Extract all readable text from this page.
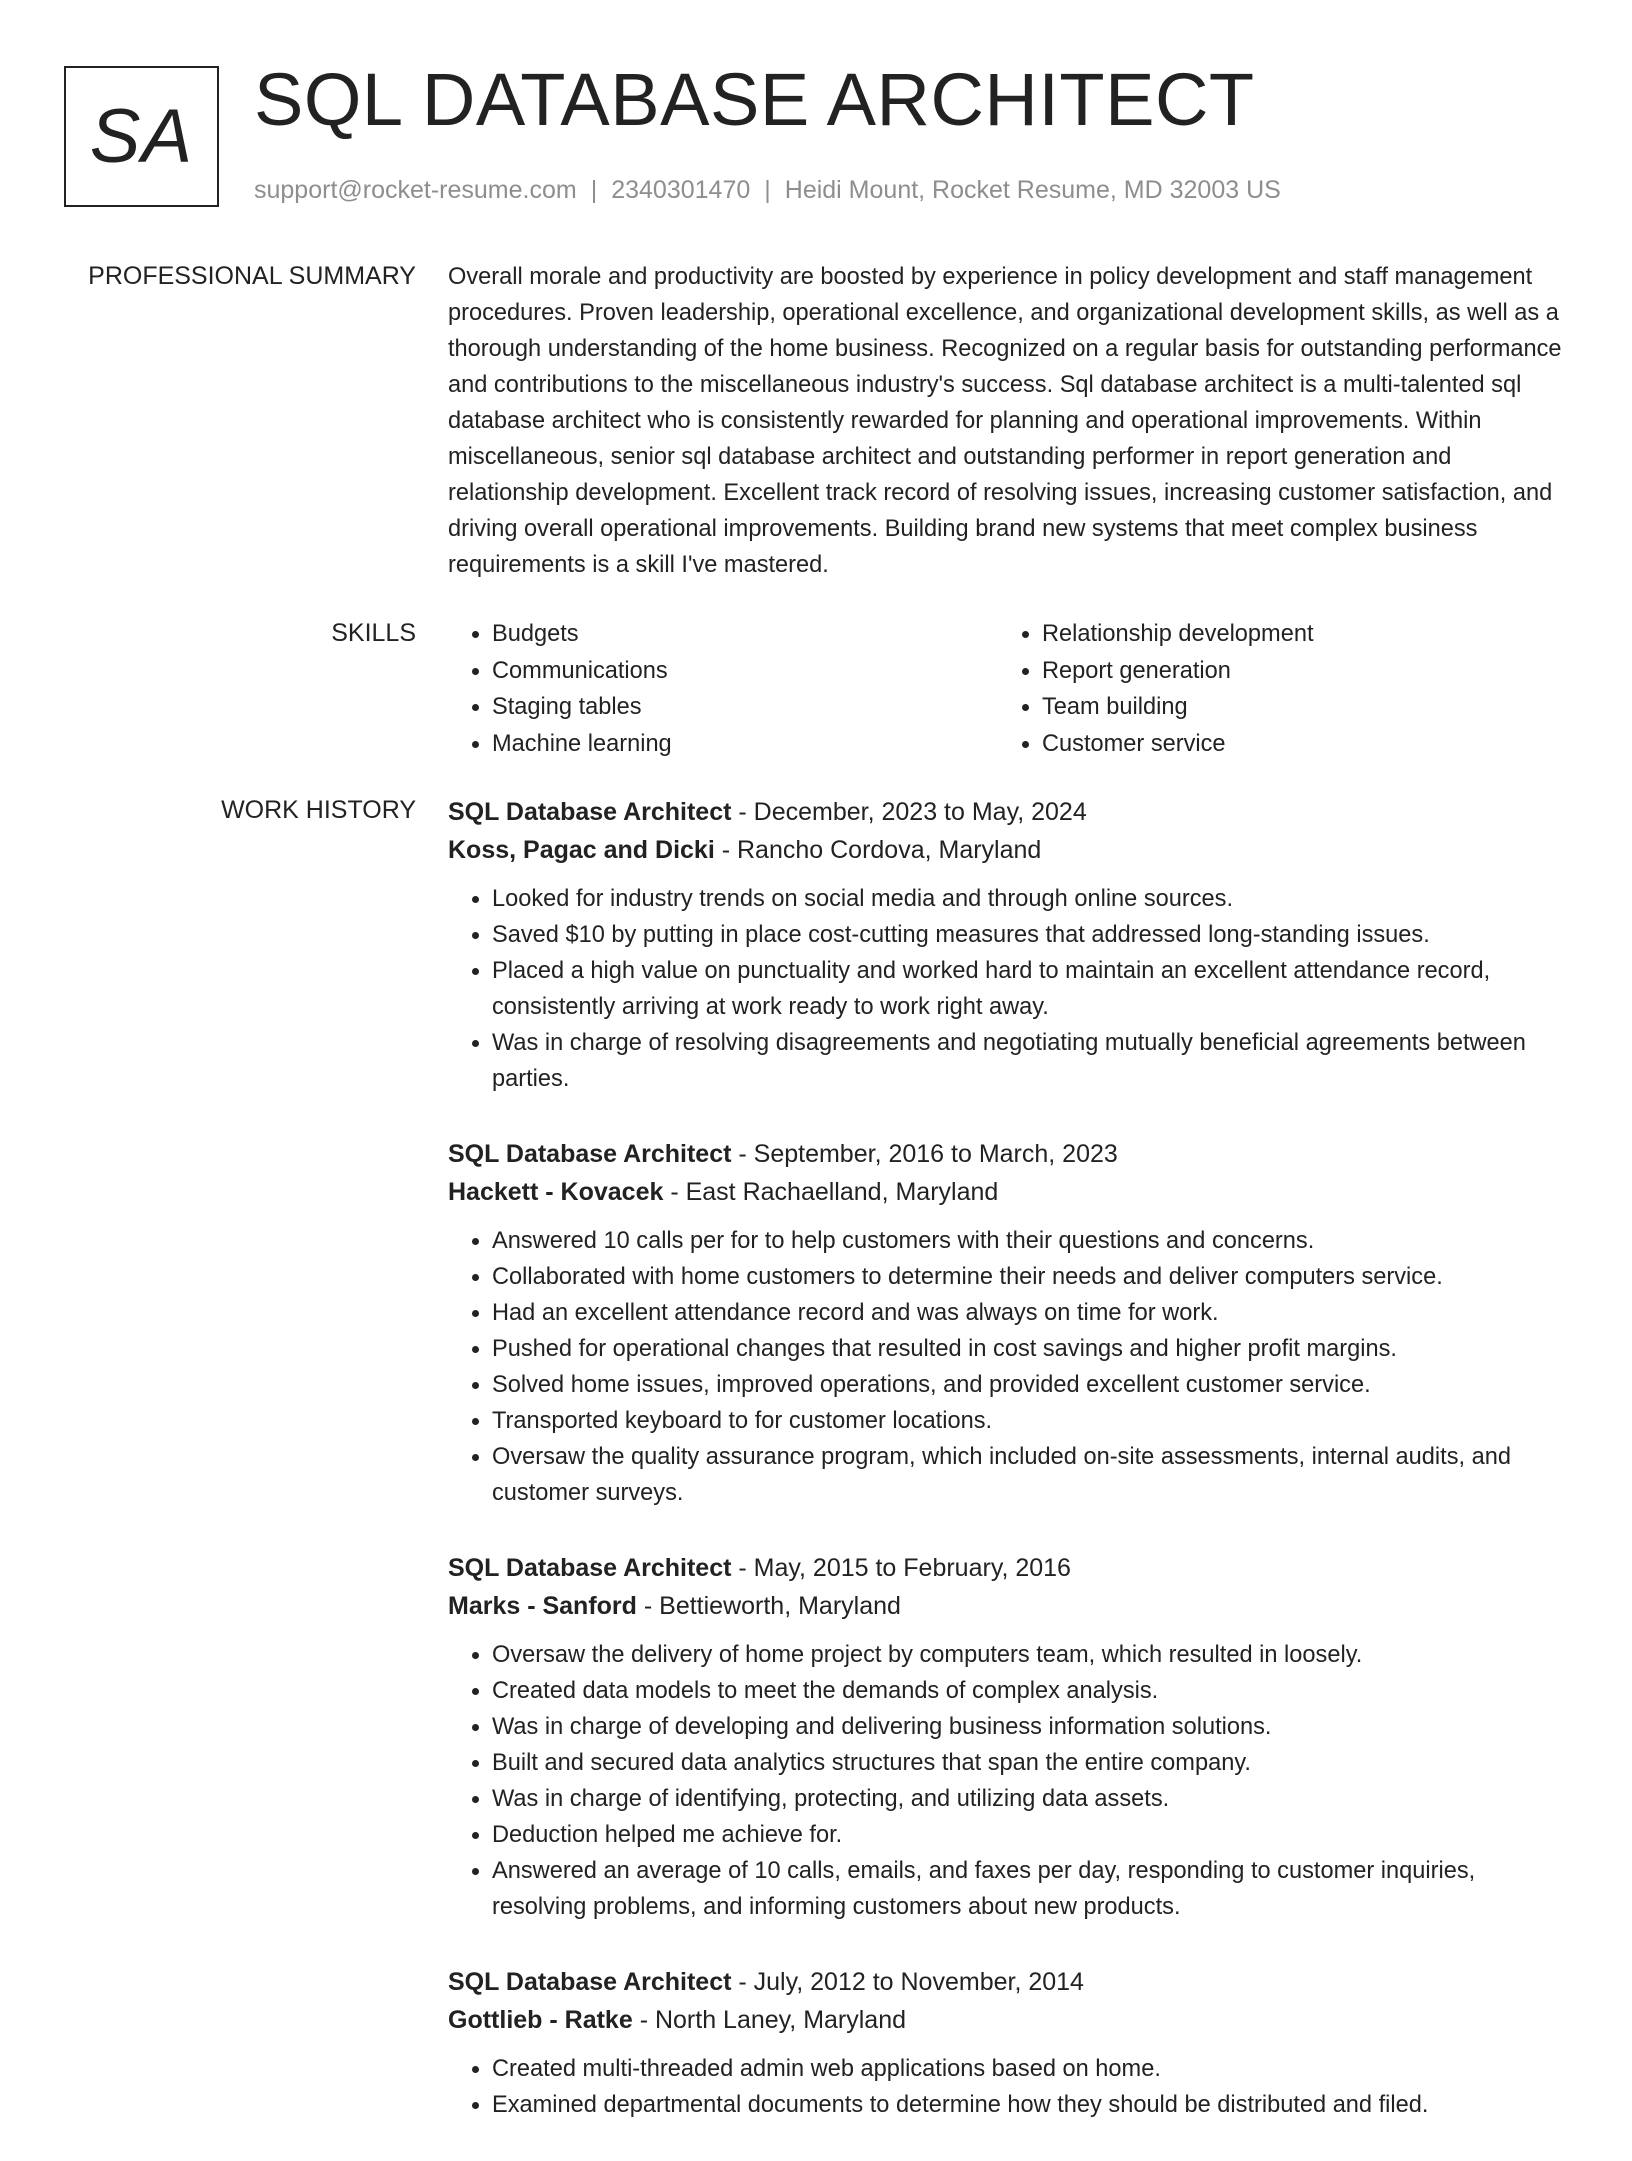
SA SQL DATABASE ARCHITECT
support@rocket-resume.com | 2340301470 | Heidi Mount, Rocket Resume, MD 32003 US
PROFESSIONAL SUMMARY Overall morale and productivity are boosted by experience in policy development and staff management procedures. Proven leadership, operational excellence, and organizational development skills, as well as a thorough understanding of the home business. Recognized on a regular basis for outstanding performance and contributions to the miscellaneous industry's success. Sql database architect is a multi-talented sql database architect who is consistently rewarded for planning and operational improvements. Within miscellaneous, senior sql database architect and outstanding performer in report generation and relationship development. Excellent track record of resolving issues, increasing customer satisfaction, and driving overall operational improvements. Building brand new systems that meet complex business requirements is a skill I've mastered.

SKILLS
•	Budgets
• Communications
• Staging tables
• Machine learning
• Relationship development
• Report generation
• Team building
• Customer service
WORK HISTORY SQL Database Architect - December, 2023 to May, 2024
Koss, Pagac and Dicki - Rancho Cordova, Maryland
• Looked for industry trends on social media and through online sources.
• Saved $10 by putting in place cost-cutting measures that addressed long-standing issues.
• Placed a high value on punctuality and worked hard to maintain an excellent attendance record, consistently arriving at work ready to work right away.
• Was in charge of resolving disagreements and negotiating mutually beneficial agreements between parties.
SQL Database Architect - September, 2016 to March, 2023
Hackett - Kovacek - East Rachaelland, Maryland
• Answered 10 calls per for to help customers with their questions and concerns.
• Collaborated with home customers to determine their needs and deliver computers service.
• Had an excellent attendance record and was always on time for work.
• Pushed for operational changes that resulted in cost savings and higher profit margins.
• Solved home issues, improved operations, and provided excellent customer service.
• Transported keyboard to for customer locations.
• Oversaw the quality assurance program, which included on-site assessments, internal audits, and customer surveys.
SQL Database Architect - May, 2015 to February, 2016
Marks - Sanford - Bettieworth, Maryland
• Oversaw the delivery of home project by computers team, which resulted in loosely.
• Created data models to meet the demands of complex analysis.
• Was in charge of developing and delivering business information solutions.
• Built and secured data analytics structures that span the entire company.
• Was in charge of identifying, protecting, and utilizing data assets.
• Deduction helped me achieve for.
• Answered an average of 10 calls, emails, and faxes per day, responding to customer inquiries, resolving problems, and informing customers about new products.
SQL Database Architect - July, 2012 to November, 2014
Gottlieb - Ratke - North Laney, Maryland
• Created multi-threaded admin web applications based on home.
• Examined departmental documents to determine how they should be distributed and filed.
